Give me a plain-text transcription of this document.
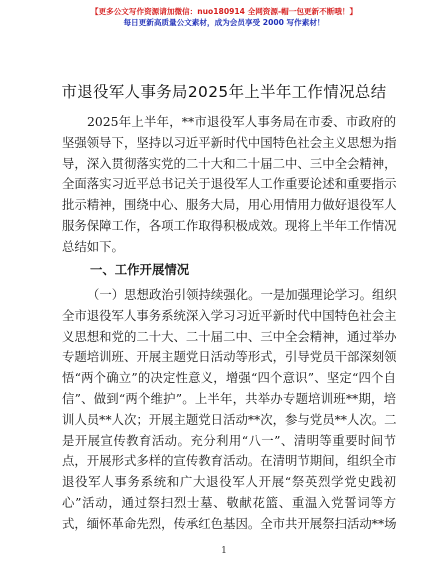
【更多公文写作资源请加微信：nuo180914 全网资源-帽一包更新不断哦！】
每日更新高质量公文素材，成为会员享受 2000 写作素材！
市退役军人事务局2025年上半年工作情况总结
2025年上半年，**市退役军人事务局在市委、市政府的
坚强领导下，坚持以习近平新时代中国特色社会主义思想为指
导，深入贯彻落实党的二十大和二十届二中、三中全会精神，
全面落实习近平总书记关于退役军人工作重要论述和重要指示
批示精神，围绕中心、服务大局，用心用情用力做好退役军人
服务保障工作，各项工作取得积极成效。现将上半年工作情况
总结如下。
一、工作开展情况
（一）思想政治引领持续强化。一是加强理论学习。组织
全市退役军人事务系统深入学习习近平新时代中国特色社会主
义思想和党的二十大、二十届二中、三中全会精神，通过举办
专题培训班、开展主题党日活动等形式，引导党员干部深刻领
悟“两个确立”的决定性意义，增强“四个意识”、坚定“四个自
信”、做到“两个维护”。上半年，共举办专题培训班**期，培
训人员**人次；开展主题党日活动**次，参与党员**人次。二
是开展宣传教育活动。充分利用“八一”、清明等重要时间节
点，开展形式多样的宣传教育活动。在清明节期间，组织全市
退役军人事务系统和广大退役军人开展“祭英烈学党史践初
心”活动，通过祭扫烈士墓、敬献花篮、重温入党誓词等方
式，缅怀革命先烈，传承红色基因。全市共开展祭扫活动**场
1
